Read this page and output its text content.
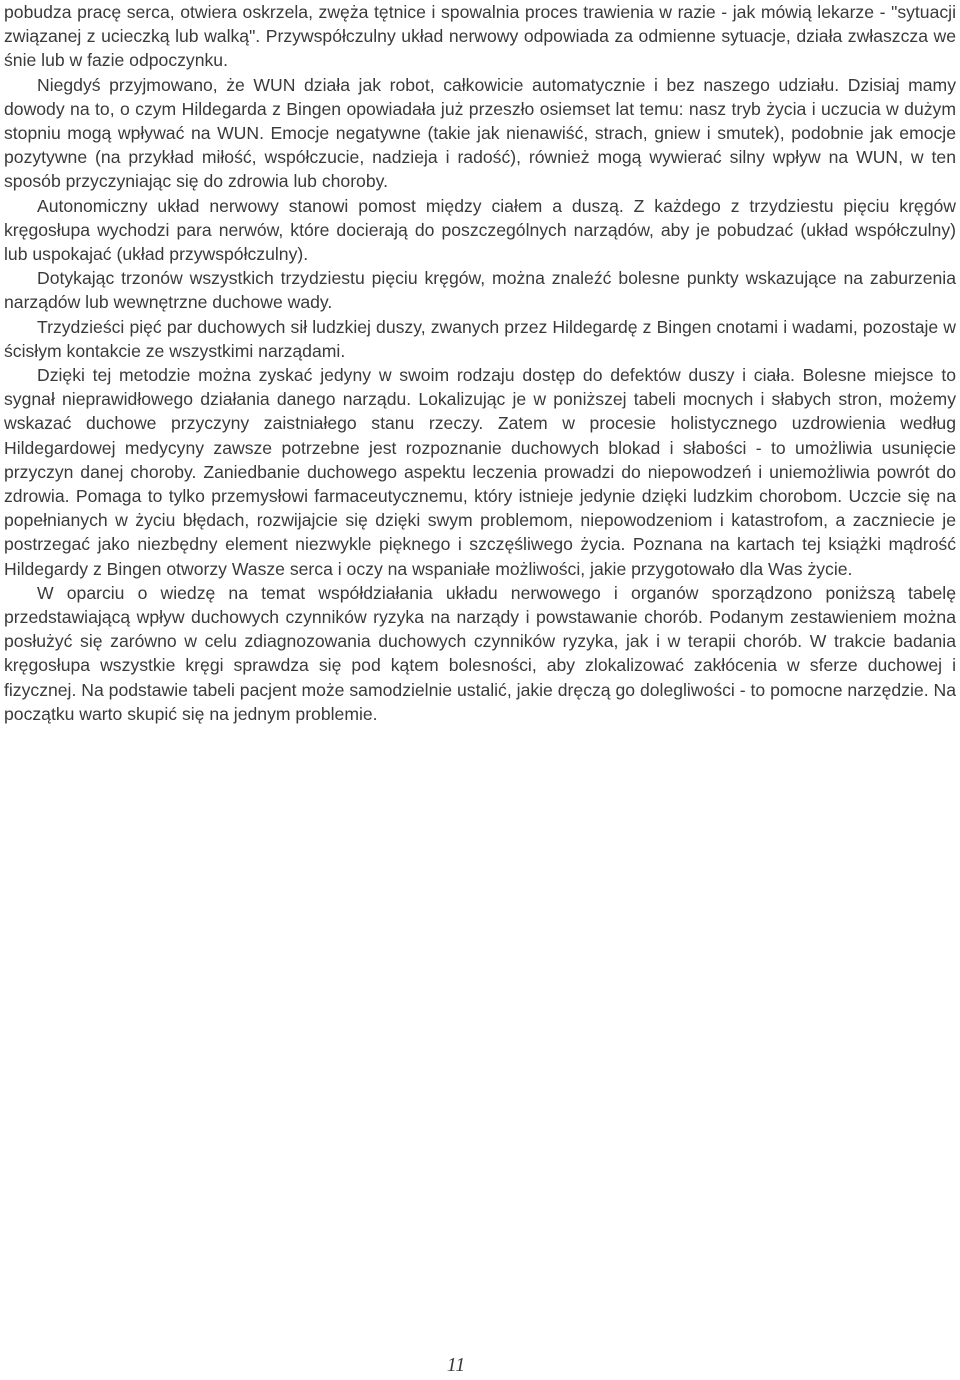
pobudza pracę serca, otwiera oskrzela, zwęża tętnice i spowalnia proces trawienia w razie - jak mówią lekarze - "sytuacji związanej z ucieczką lub walką". Przywspółczulny układ nerwowy odpowiada za odmienne sytuacje, działa zwłaszcza we śnie lub w fazie odpoczynku.

Niegdyś przyjmowano, że WUN działa jak robot, całkowicie automatycznie i bez naszego udziału. Dzisiaj mamy dowody na to, o czym Hildegarda z Bingen opowiadała już przeszło osiemset lat temu: nasz tryb życia i uczucia w dużym stopniu mogą wpływać na WUN. Emocje negatywne (takie jak nienawiść, strach, gniew i smutek), podobnie jak emocje pozytywne (na przykład miłość, współczucie, nadzieja i radość), również mogą wywierać silny wpływ na WUN, w ten sposób przyczyniając się do zdrowia lub choroby.

Autonomiczny układ nerwowy stanowi pomost między ciałem a duszą. Z każdego z trzydziestu pięciu kręgów kręgosłupa wychodzi para nerwów, które docierają do poszczególnych narządów, aby je pobudzać (układ współczulny) lub uspokajać (układ przywspółczulny).

Dotykając trzonów wszystkich trzydziestu pięciu kręgów, można znaleźć bolesne punkty wskazujące na zaburzenia narządów lub wewnętrzne duchowe wady.

Trzydzieści pięć par duchowych sił ludzkiej duszy, zwanych przez Hildegardę z Bingen cnotami i wadami, pozostaje w ścisłym kontakcie ze wszystkimi narządami.

Dzięki tej metodzie można zyskać jedyny w swoim rodzaju dostęp do defektów duszy i ciała. Bolesne miejsce to sygnał nieprawidłowego działania danego narządu. Lokalizując je w poniższej tabeli mocnych i słabych stron, możemy wskazać duchowe przyczyny zaistniałego stanu rzeczy. Zatem w procesie holistycznego uzdrowienia według Hildegardowej medycyny zawsze potrzebne jest rozpoznanie duchowych blokad i słabości - to umożliwia usunięcie przyczyn danej choroby. Zaniedbanie duchowego aspektu leczenia prowadzi do niepowodzeń i uniemożliwia powrót do zdrowia. Pomaga to tylko przemysłowi farmaceutycznemu, który istnieje jedynie dzięki ludzkim chorobom. Uczcie się na popełnianych w życiu błędach, rozwijajcie się dzięki swym problemom, niepowodzeniom i katastrofom, a zaczniecie je postrzegać jako niezbędny element niezwykle pięknego i szczęśliwego życia. Poznana na kartach tej książki mądrość Hildegardy z Bingen otworzy Wasze serca i oczy na wspaniałe możliwości, jakie przygotowało dla Was życie.

W oparciu o wiedzę na temat współdziałania układu nerwowego i organów sporządzono poniższą tabelę przedstawiającą wpływ duchowych czynników ryzyka na narządy i powstawanie chorób. Podanym zestawieniem można posłużyć się zarówno w celu zdiagnozowania duchowych czynników ryzyka, jak i w terapii chorób. W trakcie badania kręgosłupa wszystkie kręgi sprawdza się pod kątem bolesności, aby zlokalizować zakłócenia w sferze duchowej i fizycznej. Na podstawie tabeli pacjent może samodzielnie ustalić, jakie dręczą go dolegliwości - to pomocne narzędzie. Na początku warto skupić się na jednym problemie.

11
